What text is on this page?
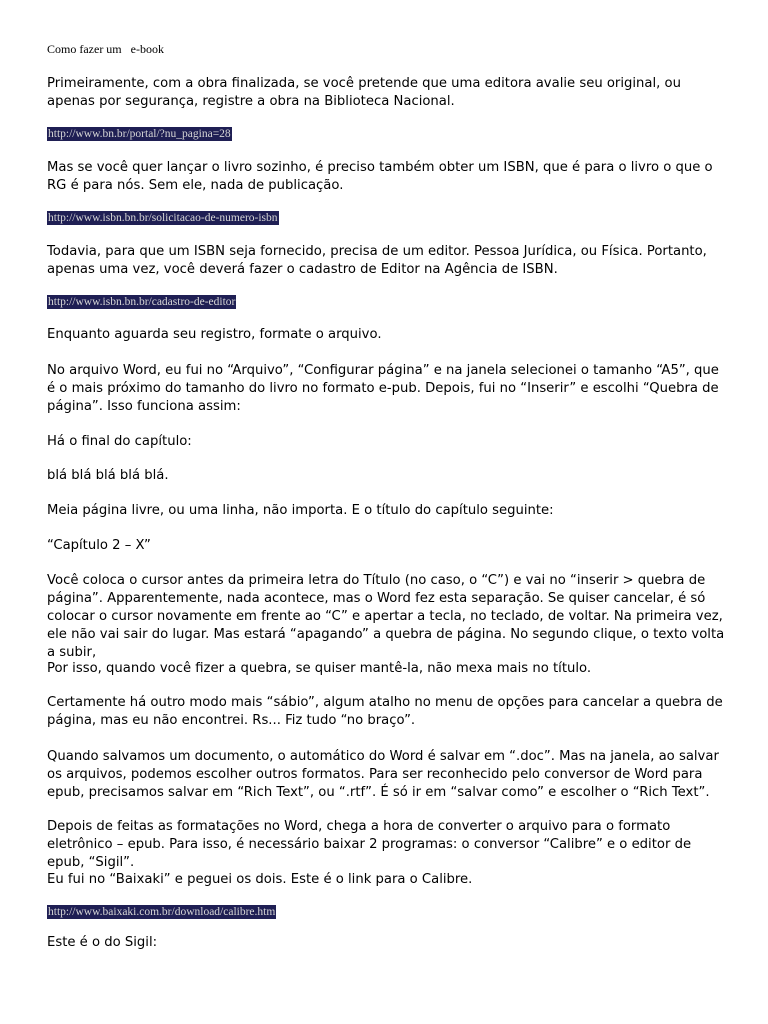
Como fazer um   e-book

Primeiramente, com a obra finalizada, se você pretende que uma editora avalie seu original, ou apenas por segurança, registre a obra na Biblioteca Nacional.

http://www.bn.br/portal/?nu_pagina=28

Mas se você quer lançar o livro sozinho, é preciso também obter um ISBN, que é para o livro o que o RG é para nós. Sem ele, nada de publicação.

http://www.isbn.bn.br/solicitacao-de-numero-isbn

Todavia, para que um ISBN seja fornecido, precisa de um editor. Pessoa Jurídica, ou Física. Portanto, apenas uma vez, você deverá fazer o cadastro de Editor na Agência de ISBN.

http://www.isbn.bn.br/cadastro-de-editor

Enquanto aguarda seu registro, formate o arquivo.

No arquivo Word, eu fui no “Arquivo”, “Configurar página” e na janela selecionei o tamanho “A5”, que é o mais próximo do tamanho do livro no formato e-pub. Depois, fui no “Inserir” e escolhi “Quebra de página”. Isso funciona assim:

Há o final do capítulo:

blá blá blá blá blá.

Meia página livre, ou uma linha, não importa. E o título do capítulo seguinte:

“Capítulo 2 – X”

Você coloca o cursor antes da primeira letra do Título (no caso, o “C”) e vai no “inserir > quebra de página”. Apparentemente, nada acontece, mas o Word fez esta separação. Se quiser cancelar, é só colocar o cursor novamente em frente ao “C” e apertar a tecla, no teclado, de voltar. Na primeira vez, ele não vai sair do lugar. Mas estará “apagando” a quebra de página. No segundo clique, o texto volta a subir,

Por isso, quando você fizer a quebra, se quiser mantê-la, não mexa mais no título.

Certamente há outro modo mais “sábio”, algum atalho no menu de opções para cancelar a quebra de página, mas eu não encontrei. Rs... Fiz tudo “no braço”.

Quando salvamos um documento, o automático do Word é salvar em “.doc”. Mas na janela, ao salvar os arquivos, podemos escolher outros formatos. Para ser reconhecido pelo conversor de Word para epub, precisamos salvar em “Rich Text”, ou “.rtf”. É só ir em “salvar como” e escolher o “Rich Text”.

Depois de feitas as formatações no Word, chega a hora de converter o arquivo para o formato eletrônico – epub. Para isso, é necessário baixar 2 programas: o conversor “Calibre” e o editor de epub, “Sigil”.

Eu fui no “Baixaki” e peguei os dois. Este é o link para o Calibre.

http://www.baixaki.com.br/download/calibre.htm

Este é o do Sigil:
